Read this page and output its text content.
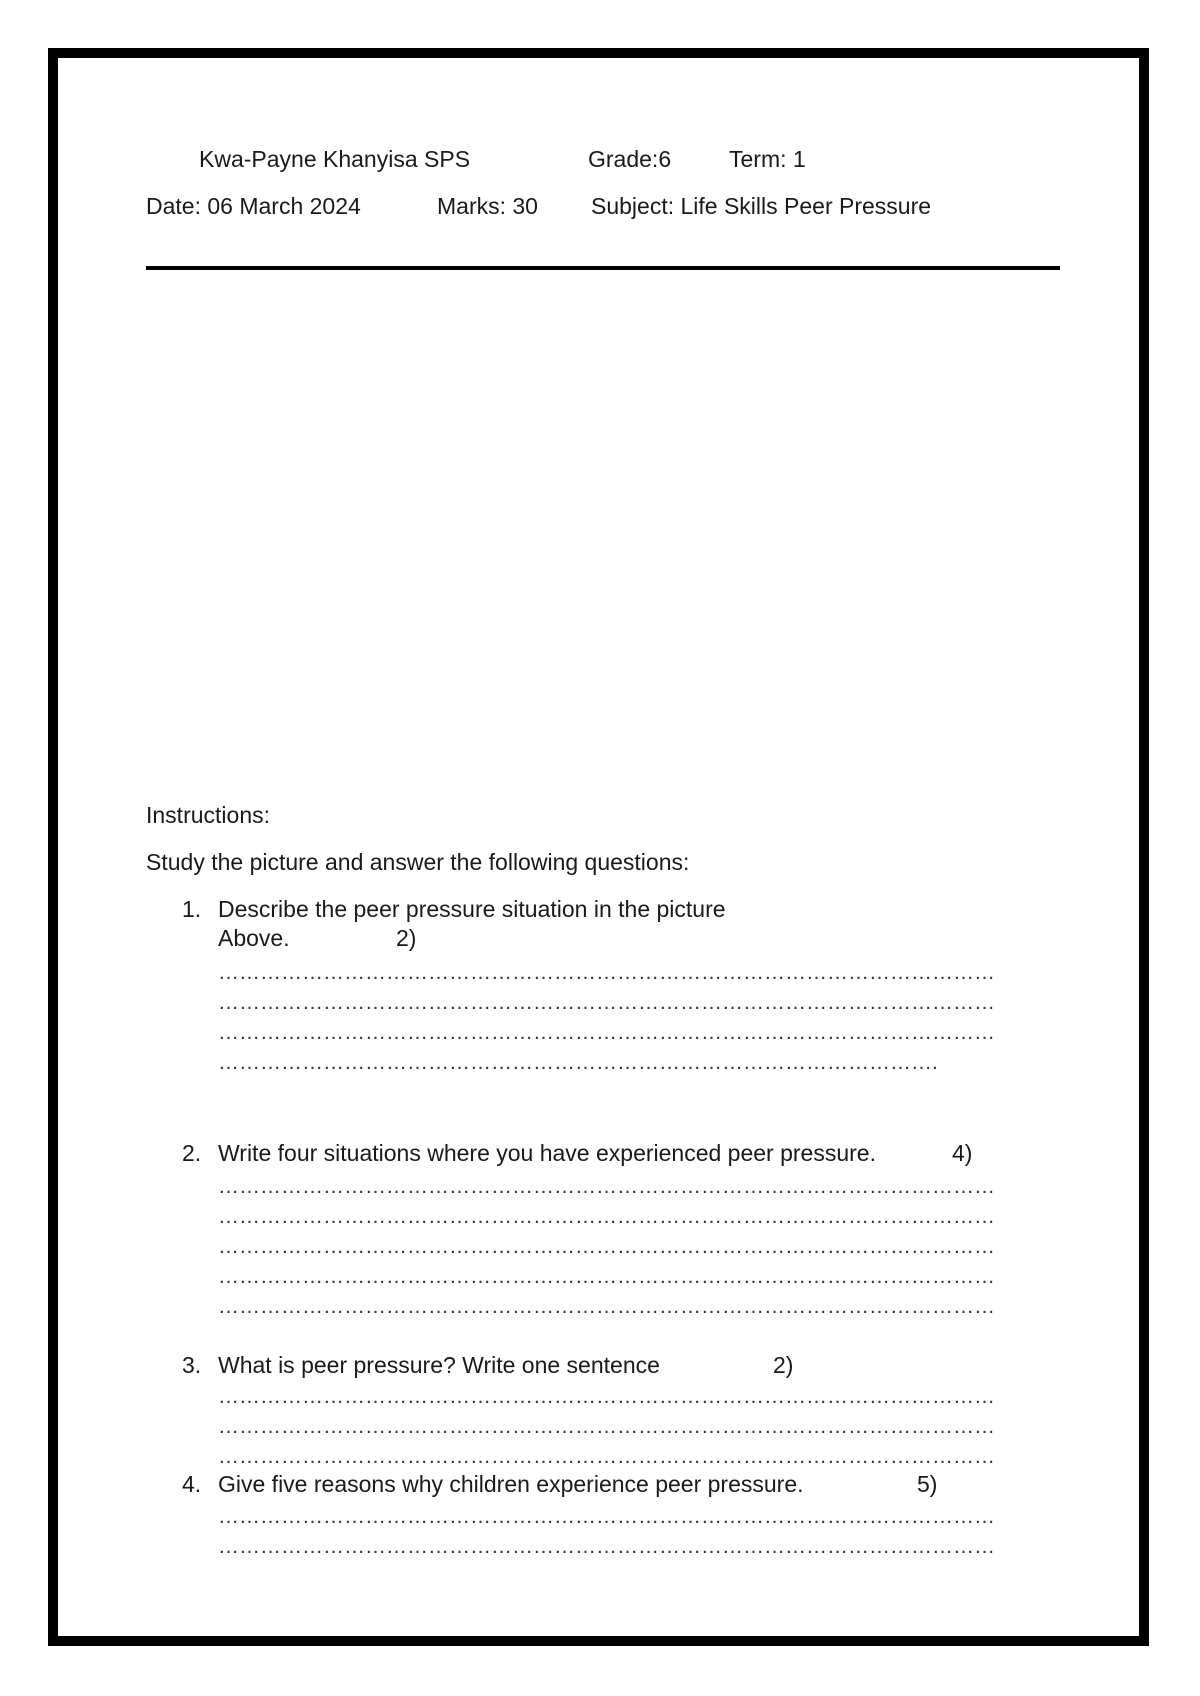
Kwa-Payne Khanyisa SPS	Grade:6	Term: 1
Date: 06 March 2024	Marks: 30 Subject: Life Skills Peer Pressure
Instructions:
Study the picture and answer the following questions:
1. Describe the peer pressure situation in the picture
Above.	2)
…………………………………………………………………………………………………
…………………………………………………………………………………………………
…………………………………………………………………………………………………
………………………………………………………………………………………….
2. Write four situations where you have experienced peer pressure.	4)
…………………………………………………………………………………………………
…………………………………………………………………………………………………
…………………………………………………………………………………………………
…………………………………………………………………………………………………
…………………………………………………………………………………………………
3. What is peer pressure? Write one sentence	2)
…………………………………………………………………………………………………
…………………………………………………………………………………………………
…………………………………………………………………………………………………
4. Give five reasons why children experience peer pressure.	5)
…………………………………………………………………………………………………
…………………………………………………………………………………………………
